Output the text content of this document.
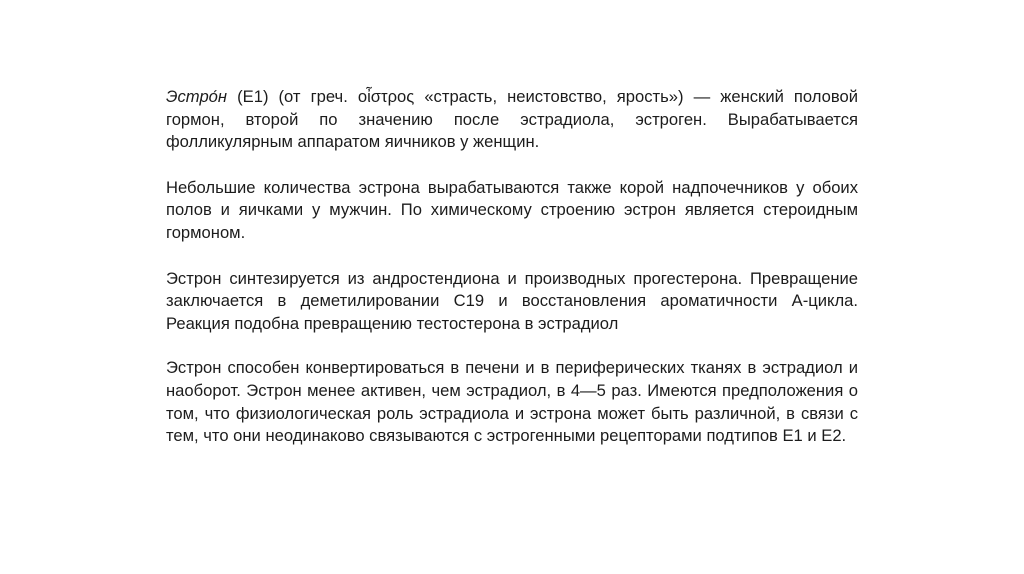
Эстро́н (E1) (от греч. οἶστρος «страсть, неистовство, ярость») — женский половой гормон, второй по значению после эстрадиола, эстроген. Вырабатывается фолликулярным аппаратом яичников у женщин.

Небольшие количества эстрона вырабатываются также корой надпочечников у обоих полов и яичками у мужчин. По химическому строению эстрон является стероидным гормоном.

Эстрон синтезируется из андростендиона и производных прогестерона. Превращение заключается в деметилировании C19 и восстановления ароматичности A-цикла. Реакция подобна превращению тестостерона в эстрадиол

Эстрон способен конвертироваться в печени и в периферических тканях в эстрадиол и наоборот. Эстрон менее активен, чем эстрадиол, в 4—5 раз. Имеются предположения о том, что физиологическая роль эстрадиола и эстрона может быть различной, в связи с тем, что они неодинаково связываются с эстрогенными рецепторами подтипов E1 и E2.
